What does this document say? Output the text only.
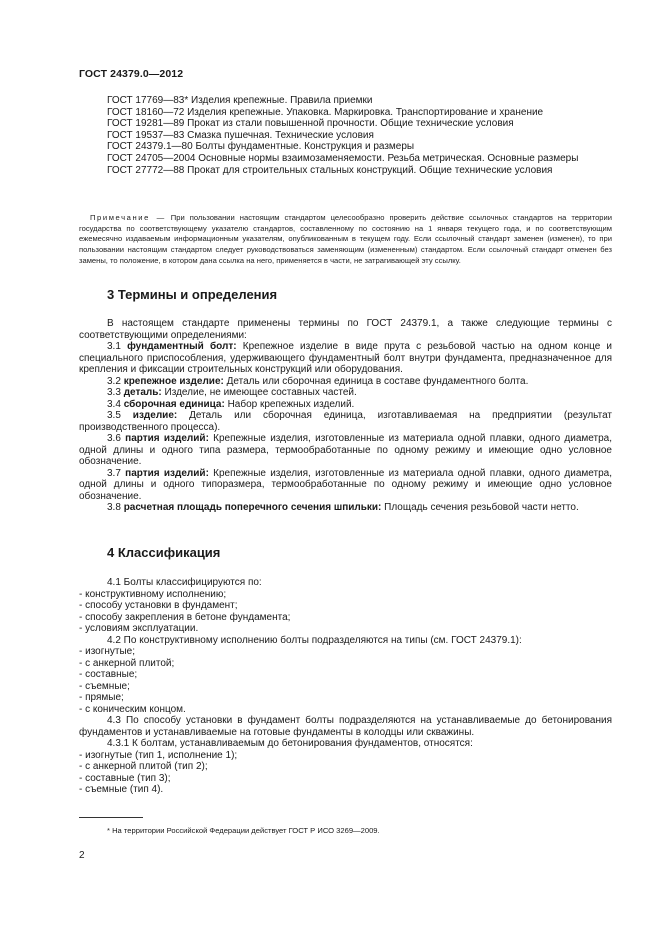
ГОСТ 24379.0—2012

ГОСТ 17769—83* Изделия крепежные. Правила приемки

ГОСТ 18160—72 Изделия крепежные. Упаковка. Маркировка. Транспортирование и хранение

ГОСТ 19281—89 Прокат из стали повышенной прочности. Общие технические условия

ГОСТ 19537—83 Смазка пушечная. Технические условия

ГОСТ 24379.1—80 Болты фундаментные. Конструкция и размеры

ГОСТ 24705—2004 Основные нормы взаимозаменяемости. Резьба метрическая. Основные размеры

ГОСТ 27772—88 Прокат для строительных стальных конструкций. Общие технические условия

Примечание — При пользовании настоящим стандартом целесообразно проверить действие ссылочных стандартов на территории государства по соответствующему указателю стандартов, составленному по состоянию на 1 января текущего года, и по соответствующим ежемесячно издаваемым информационным указателям, опубликованным в текущем году. Если ссылочный стандарт заменен (изменен), то при пользовании настоящим стандартом следует руководствоваться заменяющим (измененным) стандартом. Если ссылочный стандарт отменен без замены, то положение, в котором дана ссылка на него, применяется в части, не затрагивающей эту ссылку.

3 Термины и определения

В настоящем стандарте применены термины по ГОСТ 24379.1, а также следующие термины с соответствующими определениями:

3.1 фундаментный болт: Крепежное изделие в виде прута с резьбовой частью на одном конце и специального приспособления, удерживающего фундаментный болт внутри фундамента, предназначенное для крепления и фиксации строительных конструкций или оборудования.

3.2 крепежное изделие: Деталь или сборочная единица в составе фундаментного болта.

3.3 деталь: Изделие, не имеющее составных частей.

3.4 сборочная единица: Набор крепежных изделий.

3.5 изделие: Деталь или сборочная единица, изготавливаемая на предприятии (результат производственного процесса).

3.6 партия изделий: Крепежные изделия, изготовленные из материала одной плавки, одного диаметра, одной длины и одного типа размера, термообработанные по одному режиму и имеющие одно условное обозначение.

3.7 партия изделий: Крепежные изделия, изготовленные из материала одной плавки, одного диаметра, одной длины и одного типоразмера, термообработанные по одному режиму и имеющие одно условное обозначение.

3.8 расчетная площадь поперечного сечения шпильки: Площадь сечения резьбовой части нетто.

4 Классификация

4.1 Болты классифицируются по:

- конструктивному исполнению;

- способу установки в фундамент;

- способу закрепления в бетоне фундамента;

- условиям эксплуатации.

4.2 По конструктивному исполнению болты подразделяются на типы (см. ГОСТ 24379.1):

- изогнутые;

- с анкерной плитой;

- составные;

- съемные;

- прямые;

- с коническим концом.

4.3 По способу установки в фундамент болты подразделяются на устанавливаемые до бетонирования фундаментов и устанавливаемые на готовые фундаменты в колодцы или скважины.

4.3.1 К болтам, устанавливаемым до бетонирования фундаментов, относятся:

- изогнутые (тип 1, исполнение 1);

- с анкерной плитой (тип 2);

- составные (тип 3);

- съемные (тип 4).

* На территории Российской Федерации действует ГОСТ Р ИСО 3269—2009.

2
